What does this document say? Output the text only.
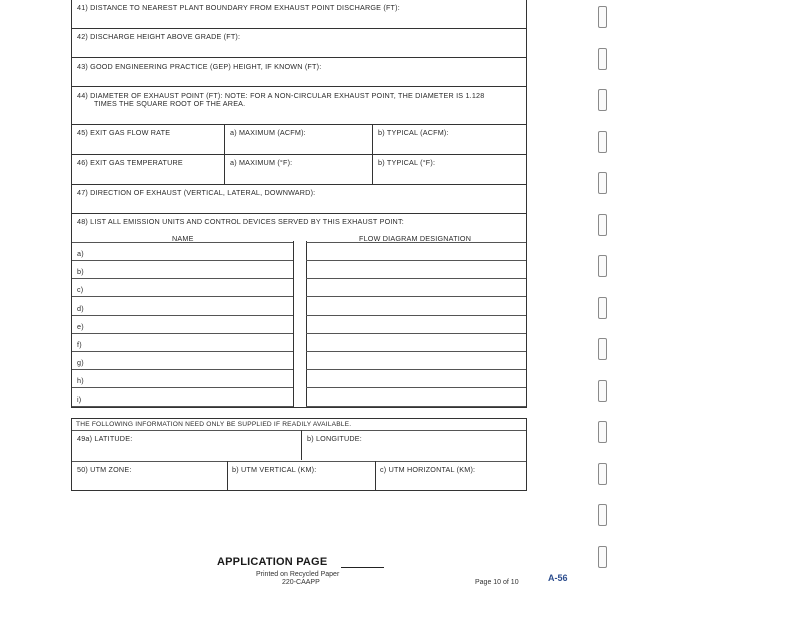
41) DISTANCE TO NEAREST PLANT BOUNDARY FROM EXHAUST POINT DISCHARGE (FT):
42) DISCHARGE HEIGHT ABOVE GRADE (FT):
43) GOOD ENGINEERING PRACTICE (GEP) HEIGHT, IF KNOWN (FT):
44) DIAMETER OF EXHAUST POINT (FT): NOTE: FOR A NON-CIRCULAR EXHAUST POINT, THE DIAMETER IS 1.128
TIMES THE SQUARE ROOT OF THE AREA.
45) EXIT GAS FLOW RATE	a) MAXIMUM (ACFM):	b) TYPICAL (ACFM):
46) EXIT GAS TEMPERATURE	a) MAXIMUM (°F):	b) TYPICAL (°F):
47) DIRECTION OF EXHAUST (VERTICAL, LATERAL, DOWNWARD):
48) LIST ALL EMISSION UNITS AND CONTROL DEVICES SERVED BY THIS EXHAUST POINT:
NAME	FLOW DIAGRAM DESIGNATION
a)
b)
c)
d)
e)
f)
g)
h)
i)
THE FOLLOWING INFORMATION NEED ONLY BE SUPPLIED IF READILY AVAILABLE.
49a) LATITUDE:	b) LONGITUDE:
50) UTM ZONE:	b) UTM VERTICAL (KM):	c) UTM HORIZONTAL (KM):
APPLICATION PAGE
Printed on Recycled Paper
220-CAAPP	Page 10 of 10	A-56
